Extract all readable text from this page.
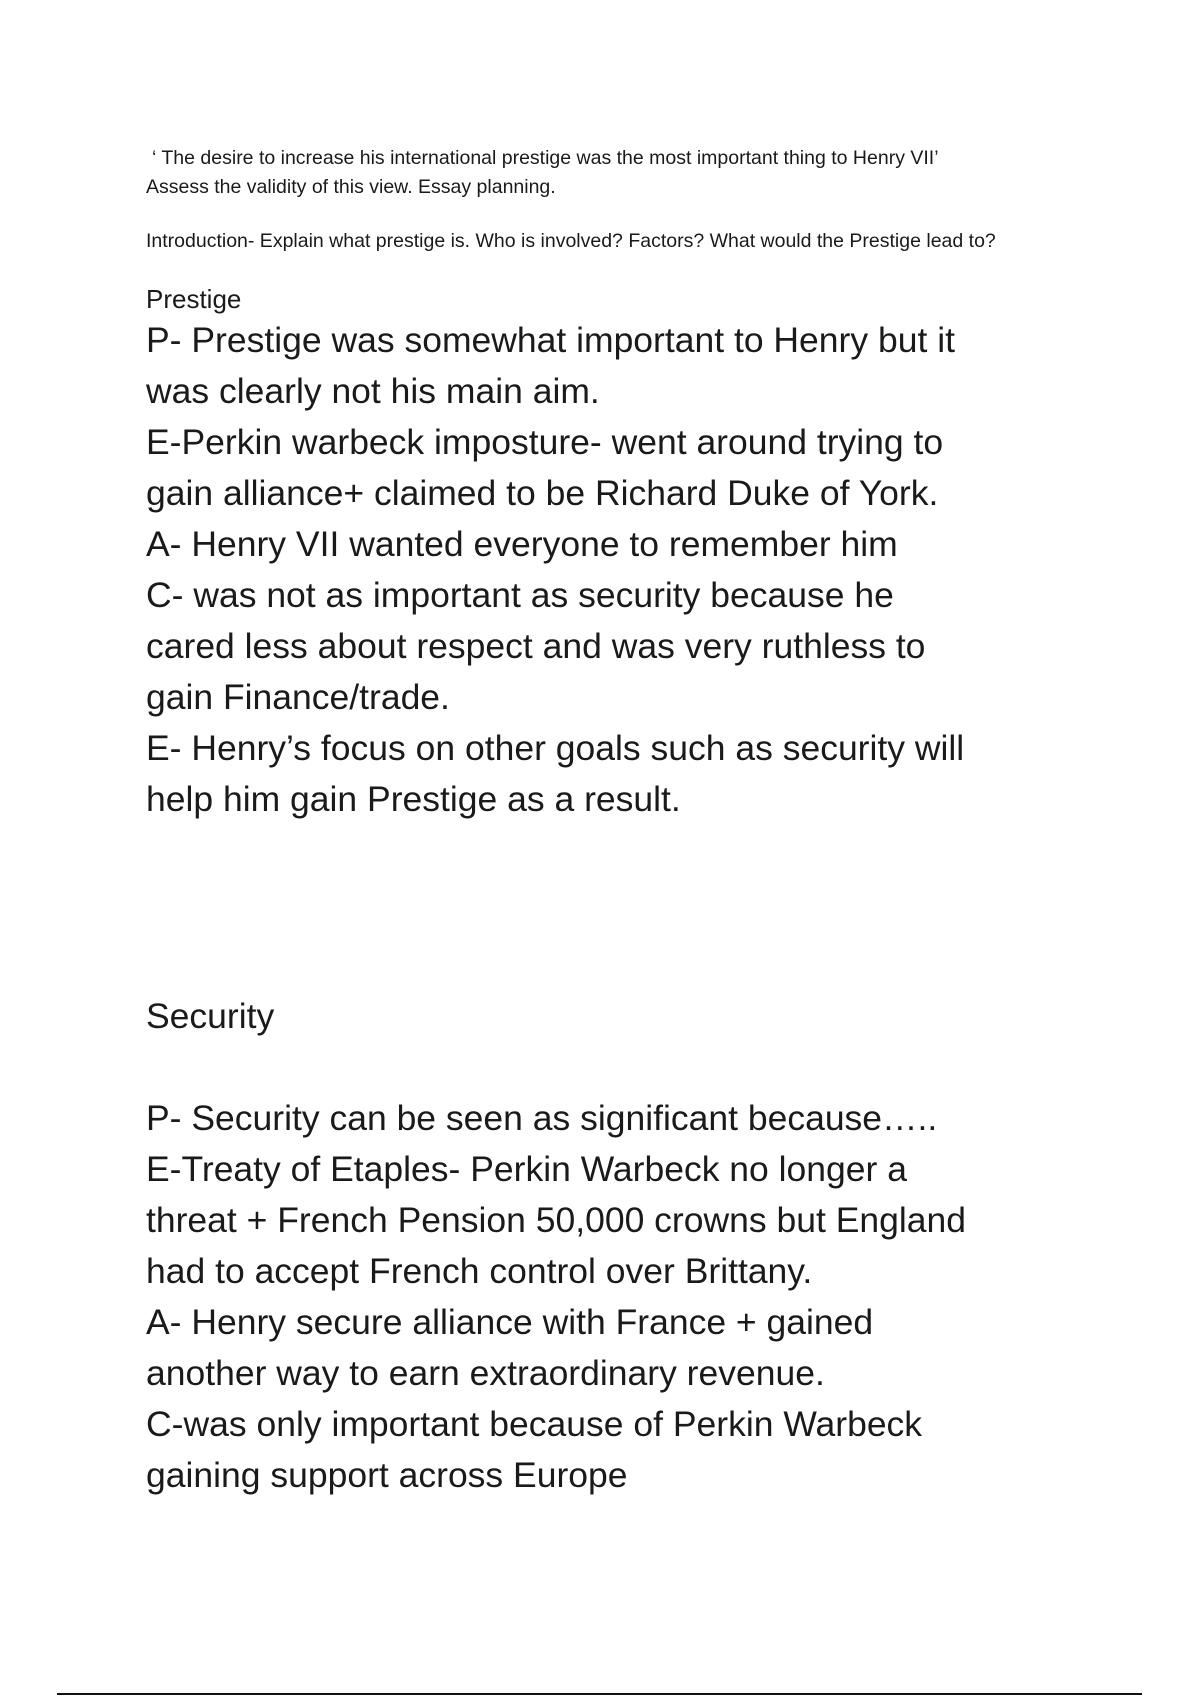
‘ The desire to increase his international prestige was the most important thing to Henry VII’
Assess the validity of this view. Essay planning.

Introduction- Explain what prestige is. Who is involved? Factors? What would the Prestige lead to?

Prestige

P- Prestige was somewhat important to Henry but it
was clearly not his main aim.
E-Perkin warbeck imposture- went around trying to
gain alliance+ claimed to be Richard Duke of York.
A- Henry VII wanted everyone to remember him
C- was not as important as security because he
cared less about respect and was very ruthless to
gain Finance/trade.
E- Henry’s focus on other goals such as security will
help him gain Prestige as a result.

Security

P- Security can be seen as significant because…..
E-Treaty of Etaples- Perkin Warbeck no longer a
threat + French Pension 50,000 crowns but England
had to accept French control over Brittany.
A- Henry secure alliance with France + gained
another way to earn extraordinary revenue.
C-was only important because of Perkin Warbeck
gaining support across Europe
